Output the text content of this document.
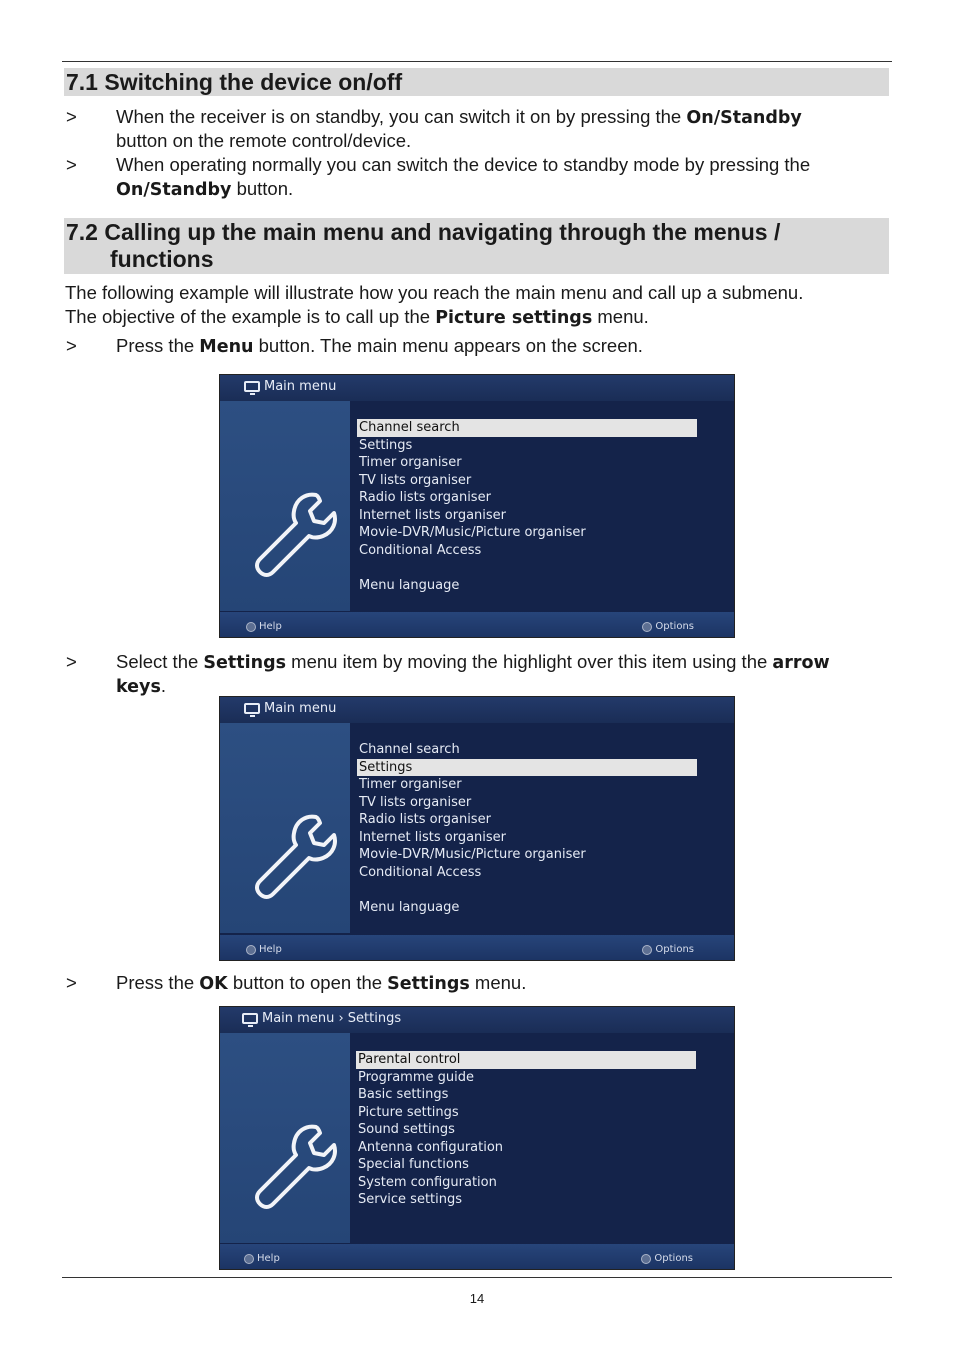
7.1 Switching the device on/off
> When the receiver is on standby, you can switch it on by pressing the On/Standby
button on the remote control/device.
> When operating normally you can switch the device to standby mode by pressing the
On/Standby button.
7.2 Calling up the main menu and navigating through the menus /
functions
The following example will illustrate how you reach the main menu and call up a submenu.
The objective of the example is to call up the Picture settings menu.
> Press the Menu button. The main menu appears on the screen.
Main menu
Channel search
Settings
Timer organiser
TV lists organiser
Radio lists organiser
Internet lists organiser
Movie-DVR/Music/Picture organiser
Conditional Access
Menu language
Help	Options
> Select the Settings menu item by moving the highlight over this item using the arrow
keys.
Main menu
Channel search
Settings
Timer organiser
TV lists organiser
Radio lists organiser
Internet lists organiser
Movie-DVR/Music/Picture organiser
Conditional Access
Menu language
Help	Options
> Press the OK button to open the Settings menu.
Main menu › Settings
Parental control
Programme guide
Basic settings
Picture settings
Sound settings
Antenna configuration
Special functions
System configuration
Service settings
Help	Options
14
